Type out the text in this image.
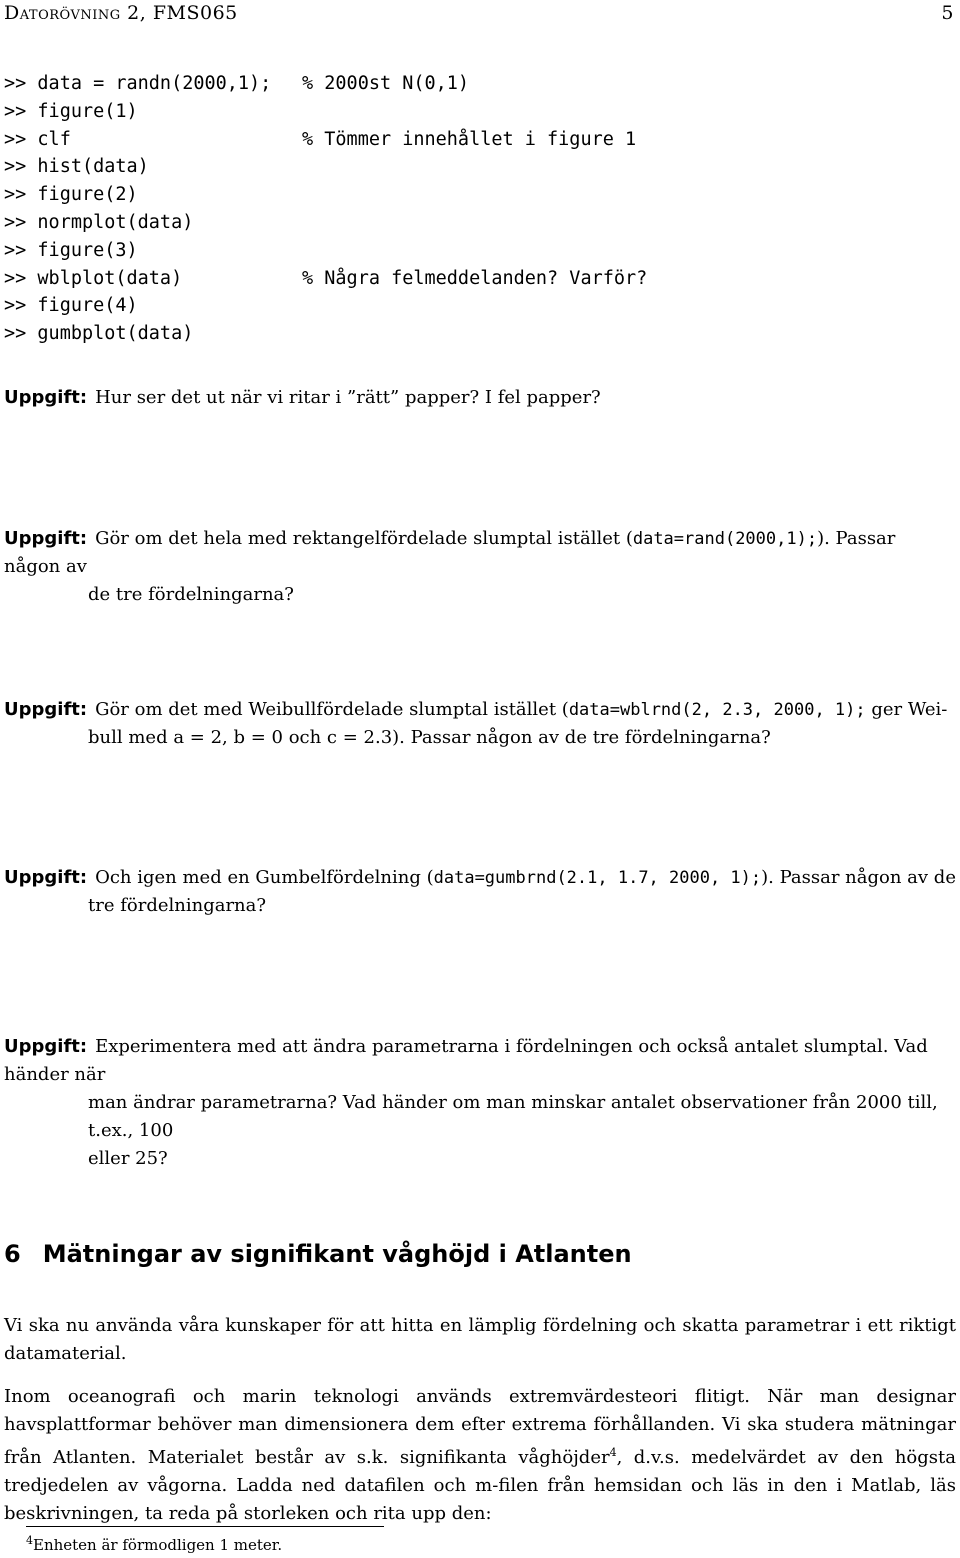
Datorövning 2, FMS065	5
>> data = randn(2000,1); % 2000st N(0,1)
>> figure(1)
>> clf	% Tömmer innehållet i figure 1
>> hist(data)
>> figure(2)
>> normplot(data)
>> figure(3)
>> wblplot(data)	% Några felmeddelanden? Varför?
>> figure(4)
>> gumbplot(data)
Uppgift: Hur ser det ut när vi ritar i ”rätt” papper? I fel papper?
Uppgift: Gör om det hela med rektangelfördelade slumptal istället (data=rand(2000,1);). Passar någon av
de tre fördelningarna?
Uppgift: Gör om det med Weibullfördelade slumptal istället (data=wblrnd(2, 2.3, 2000, 1); ger Wei-
bull med a = 2, b = 0 och c = 2.3). Passar någon av de tre fördelningarna?
Uppgift: Och igen med en Gumbelfördelning (data=gumbrnd(2.1, 1.7, 2000, 1);). Passar någon av de
tre fördelningarna?
Uppgift: Experimentera med att ändra parametrarna i fördelningen och också antalet slumptal. Vad händer när
man ändrar parametrarna? Vad händer om man minskar antalet observationer från 2000 till, t.ex., 100
eller 25?
6 Mätningar av signifikant våghöjd i Atlanten
Vi ska nu använda våra kunskaper för att hitta en lämplig fördelning och skatta parametrar i ett riktigt datamaterial.
Inom oceanografi och marin teknologi används extremvärdesteori flitigt. När man designar havsplattformar behöver man dimensionera dem efter extrema förhållanden. Vi ska studera mätningar från Atlanten. Materialet består av s.k. signifikanta våghöjder$^4$, d.v.s. medelvärdet av den högsta tredjedelen av vågorna. Ladda ned datafilen och m-filen från hemsidan och läs in den i Matlab, läs beskrivningen, ta reda på storleken och rita upp den:
$^4$Enheten är förmodligen 1 meter.
